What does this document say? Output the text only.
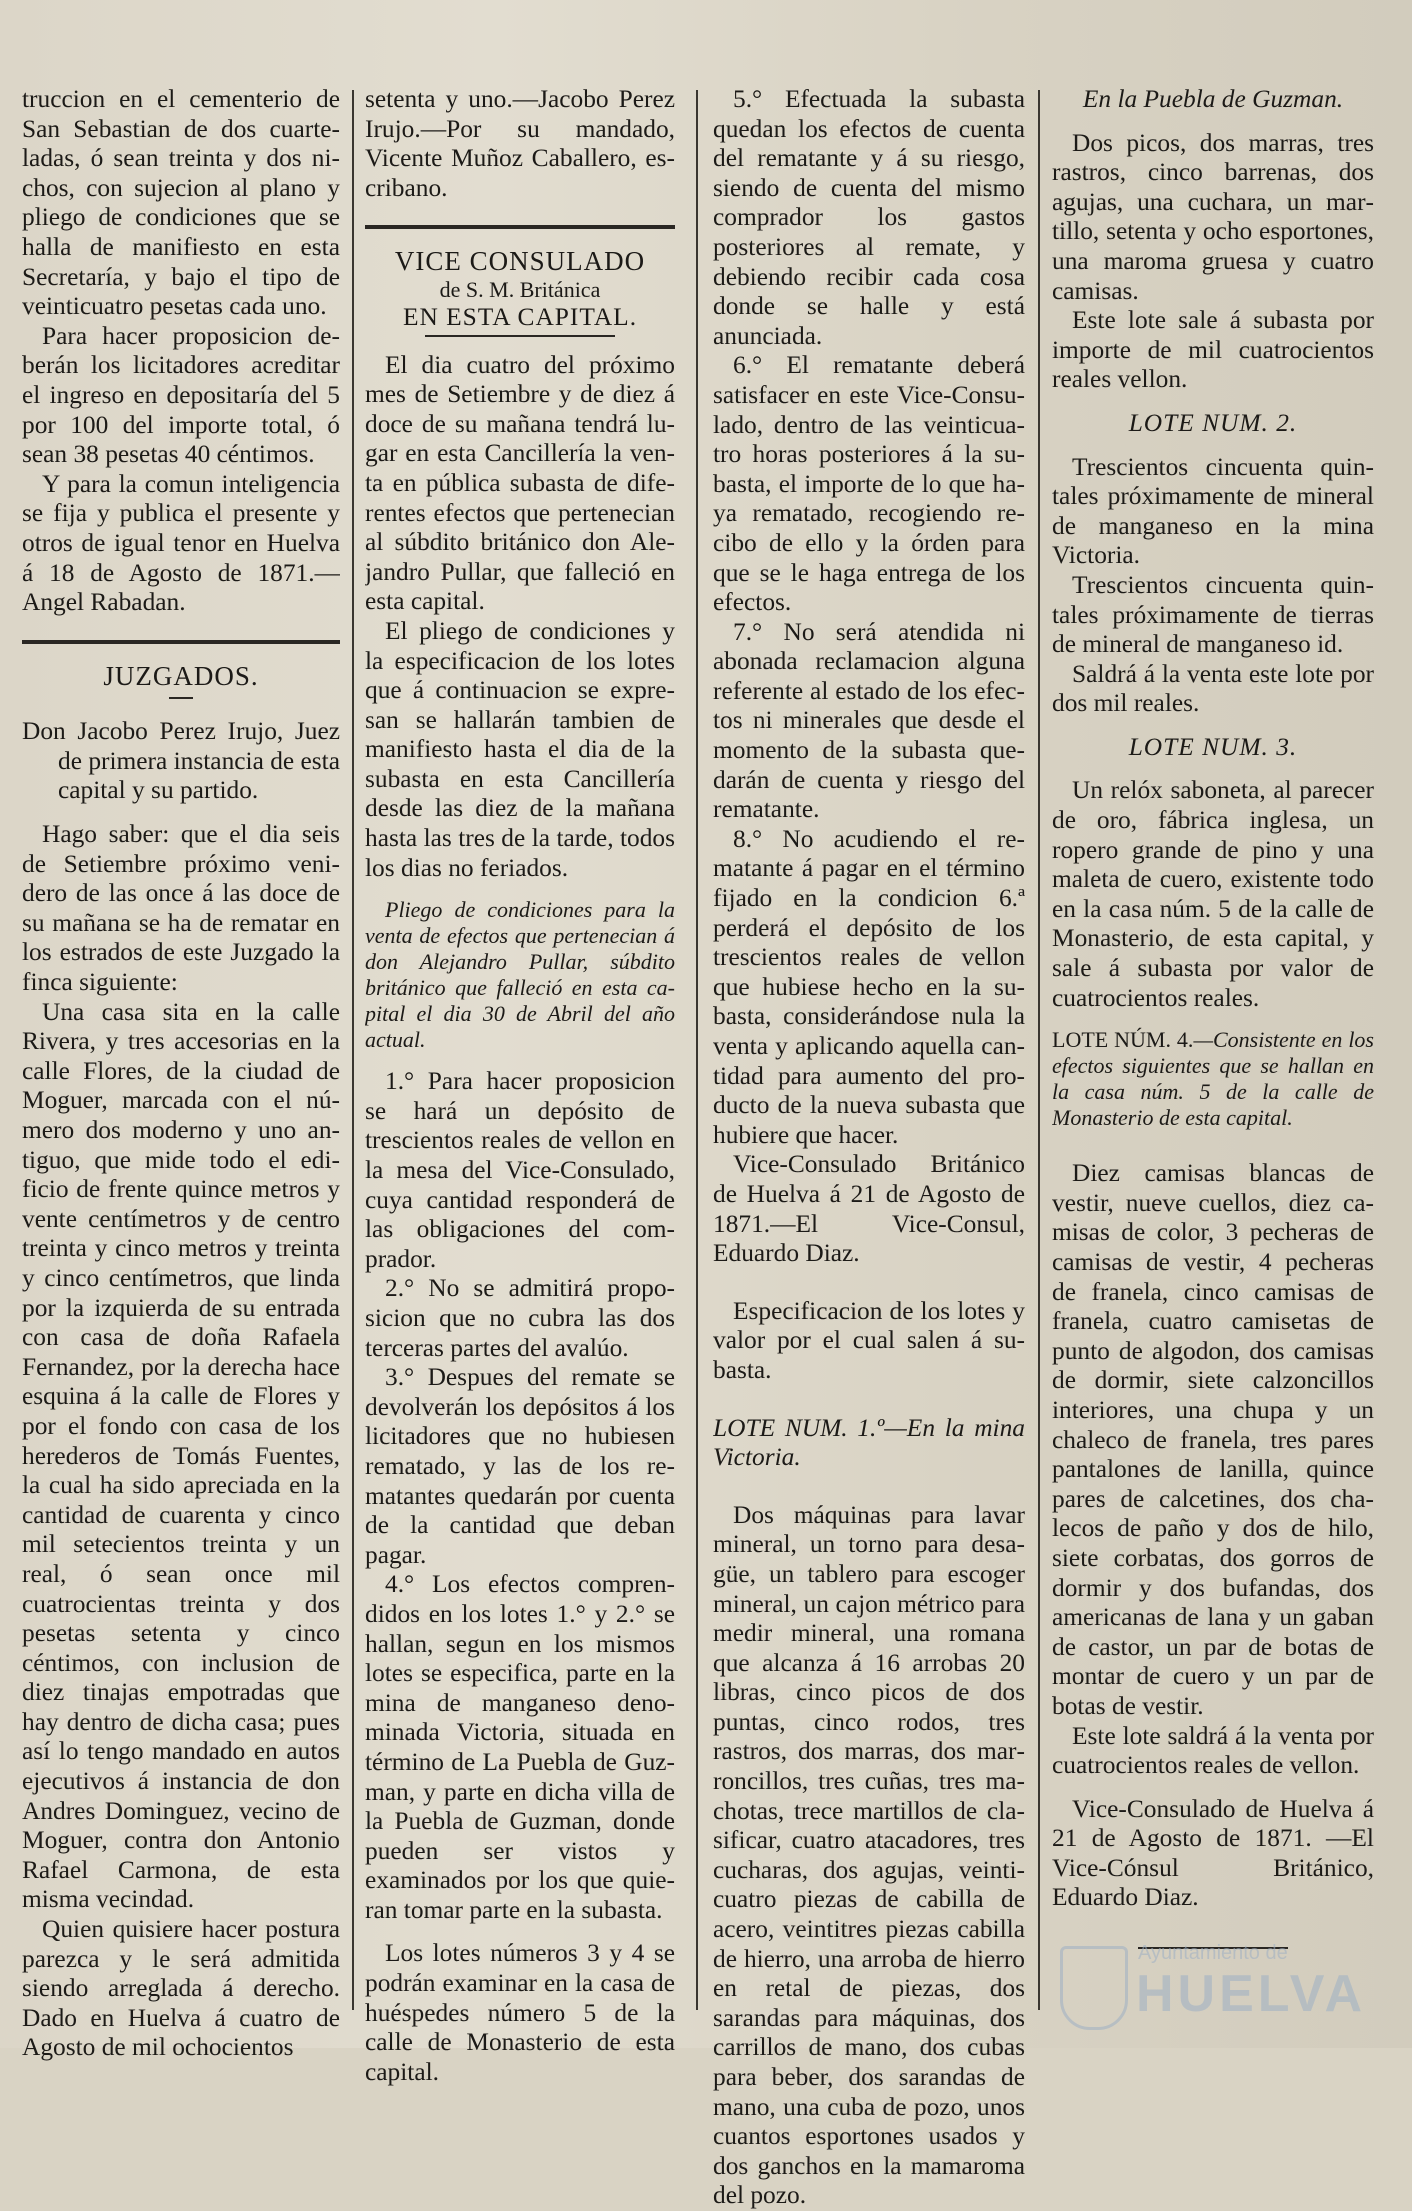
truccion en el cementerio de San Sebastian de dos cuarteladas, ó sean treinta y dos nichos, con sujecion al plano y pliego de condiciones que se halla de manifiesto en esta Secretaría, y bajo el tipo de veinticuatro pesetas cada uno.

Para hacer proposicion deberán los licitadores acreditar el ingreso en depositaría del 5 por 100 del importe total, ó sean 38 pesetas 40 céntimos.

Y para la comun inteligencia se fija y publica el presente y otros de igual tenor en Huelva á 18 de Agosto de 1871.—Angel Rabadan.

JUZGADOS.

Don Jacobo Perez Irujo, Juez de primera instancia de esta capital y su partido.

Hago saber: que el dia seis de Setiembre próximo venidero de las once á las doce de su mañana se ha de rematar en los estrados de este Juzgado la finca siguiente:

Una casa sita en la calle Rivera, y tres accesorias en la calle Flores, de la ciudad de Moguer, marcada con el número dos moderno y uno antiguo, que mide todo el edificio de frente quince metros y vente centímetros y de centro treinta y cinco metros y treinta y cinco centímetros, que linda por la izquierda de su entrada con casa de doña Rafaela Fernandez, por la derecha hace esquina á la calle de Flores y por el fondo con casa de los herederos de Tomás Fuentes, la cual ha sido apreciada en la cantidad de cuarenta y cinco mil setecientos treinta y un real, ó sean once mil cuatrocientas treinta y dos pesetas setenta y cinco céntimos, con inclusion de diez tinajas empotradas que hay dentro de dicha casa; pues así lo tengo mandado en autos ejecutivos á instancia de don Andres Dominguez, vecino de Moguer, contra don Antonio Rafael Carmona, de esta misma vecindad.

Quien quisiere hacer postura parezca y le será admitida siendo arreglada á derecho. Dado en Huelva á cuatro de Agosto de mil ochocientos

setenta y uno.—Jacobo Perez Irujo.—Por su mandado, Vicente Muñoz Caballero, escribano.

VICE CONSULADO

de S. M. Británica

EN ESTA CAPITAL.

El dia cuatro del próximo mes de Setiembre y de diez á doce de su mañana tendrá lugar en esta Cancillería la venta en pública subasta de diferentes efectos que pertenecian al súbdito británico don Alejandro Pullar, que falleció en esta capital.

El pliego de condiciones y la especificacion de los lotes que á continuacion se expresan se hallarán tambien de manifiesto hasta el dia de la subasta en esta Cancillería desde las diez de la mañana hasta las tres de la tarde, todos los dias no feriados.

Pliego de condiciones para la venta de efectos que pertenecian á don Alejandro Pullar, súbdito británico que falleció en esta capital el dia 30 de Abril del año actual.

1.° Para hacer proposicion se hará un depósito de trescientos reales de vellon en la mesa del Vice-Consulado, cuya cantidad responderá de las obligaciones del comprador.

2.° No se admitirá proposicion que no cubra las dos terceras partes del avalúo.

3.° Despues del remate se devolverán los depósitos á los licitadores que no hubiesen rematado, y las de los rematantes quedarán por cuenta de la cantidad que deban pagar.

4.° Los efectos comprendidos en los lotes 1.° y 2.° se hallan, segun en los mismos lotes se especifica, parte en la mina de manganeso denominada Victoria, situada en término de La Puebla de Guzman, y parte en dicha villa de la Puebla de Guzman, donde pueden ser vistos y examinados por los que quieran tomar parte en la subasta.

Los lotes números 3 y 4 se podrán examinar en la casa de huéspedes número 5 de la calle de Monasterio de esta capital.

5.° Efectuada la subasta quedan los efectos de cuenta del rematante y á su riesgo, siendo de cuenta del mismo comprador los gastos posteriores al remate, y debiendo recibir cada cosa donde se halle y está anunciada.

6.° El rematante deberá satisfacer en este Vice-Consulado, dentro de las veinticuatro horas posteriores á la subasta, el importe de lo que haya rematado, recogiendo recibo de ello y la órden para que se le haga entrega de los efectos.

7.° No será atendida ni abonada reclamacion alguna referente al estado de los efectos ni minerales que desde el momento de la subasta quedarán de cuenta y riesgo del rematante.

8.° No acudiendo el rematante á pagar en el término fijado en la condicion 6.ª perderá el depósito de los trescientos reales de vellon que hubiese hecho en la subasta, considerándose nula la venta y aplicando aquella cantidad para aumento del producto de la nueva subasta que hubiere que hacer.

Vice-Consulado Británico de Huelva á 21 de Agosto de 1871.—El Vice-Consul, Eduardo Diaz.

Especificacion de los lotes y valor por el cual salen á subasta.

LOTE NUM. 1.º—En la mina Victoria.

Dos máquinas para lavar mineral, un torno para desagüe, un tablero para escoger mineral, un cajon métrico para medir mineral, una romana que alcanza á 16 arrobas 20 libras, cinco picos de dos puntas, cinco rodos, tres rastros, dos marras, dos marroncillos, tres cuñas, tres machotas, trece martillos de clasificar, cuatro atacadores, tres cucharas, dos agujas, veinticuatro piezas de cabilla de acero, veintitres piezas cabilla de hierro, una arroba de hierro en retal de piezas, dos sarandas para máquinas, dos carrillos de mano, dos cubas para beber, dos sarandas de mano, una cuba de pozo, unos cuantos esportones usados y dos ganchos en la mamaroma del pozo.

En la Puebla de Guzman.

Dos picos, dos marras, tres rastros, cinco barrenas, dos agujas, una cuchara, un martillo, setenta y ocho esportones, una maroma gruesa y cuatro camisas.

Este lote sale á subasta por importe de mil cuatrocientos reales vellon.

LOTE NUM. 2.

Trescientos cincuenta quintales próximamente de mineral de manganeso en la mina Victoria.

Trescientos cincuenta quintales próximamente de tierras de mineral de manganeso id.

Saldrá á la venta este lote por dos mil reales.

LOTE NUM. 3.

Un relóx saboneta, al parecer de oro, fábrica inglesa, un ropero grande de pino y una maleta de cuero, existente todo en la casa núm. 5 de la calle de Monasterio, de esta capital, y sale á subasta por valor de cuatrocientos reales.

LOTE NÚM. 4.—Consistente en los efectos siguientes que se hallan en la casa núm. 5 de la calle de Monasterio de esta capital.

Diez camisas blancas de vestir, nueve cuellos, diez camisas de color, 3 pecheras de camisas de vestir, 4 pecheras de franela, cinco camisas de franela, cuatro camisetas de punto de algodon, dos camisas de dormir, siete calzoncillos interiores, una chupa y un chaleco de franela, tres pares pantalones de lanilla, quince pares de calcetines, dos chalecos de paño y dos de hilo, siete corbatas, dos gorros de dormir y dos bufandas, dos americanas de lana y un gaban de castor, un par de botas de montar de cuero y un par de botas de vestir.

Este lote saldrá á la venta por cuatrocientos reales de vellon.

Vice-Consulado de Huelva á 21 de Agosto de 1871. —El Vice-Cónsul Británico, Eduardo Diaz.

Ayuntamiento de
HUELVA
